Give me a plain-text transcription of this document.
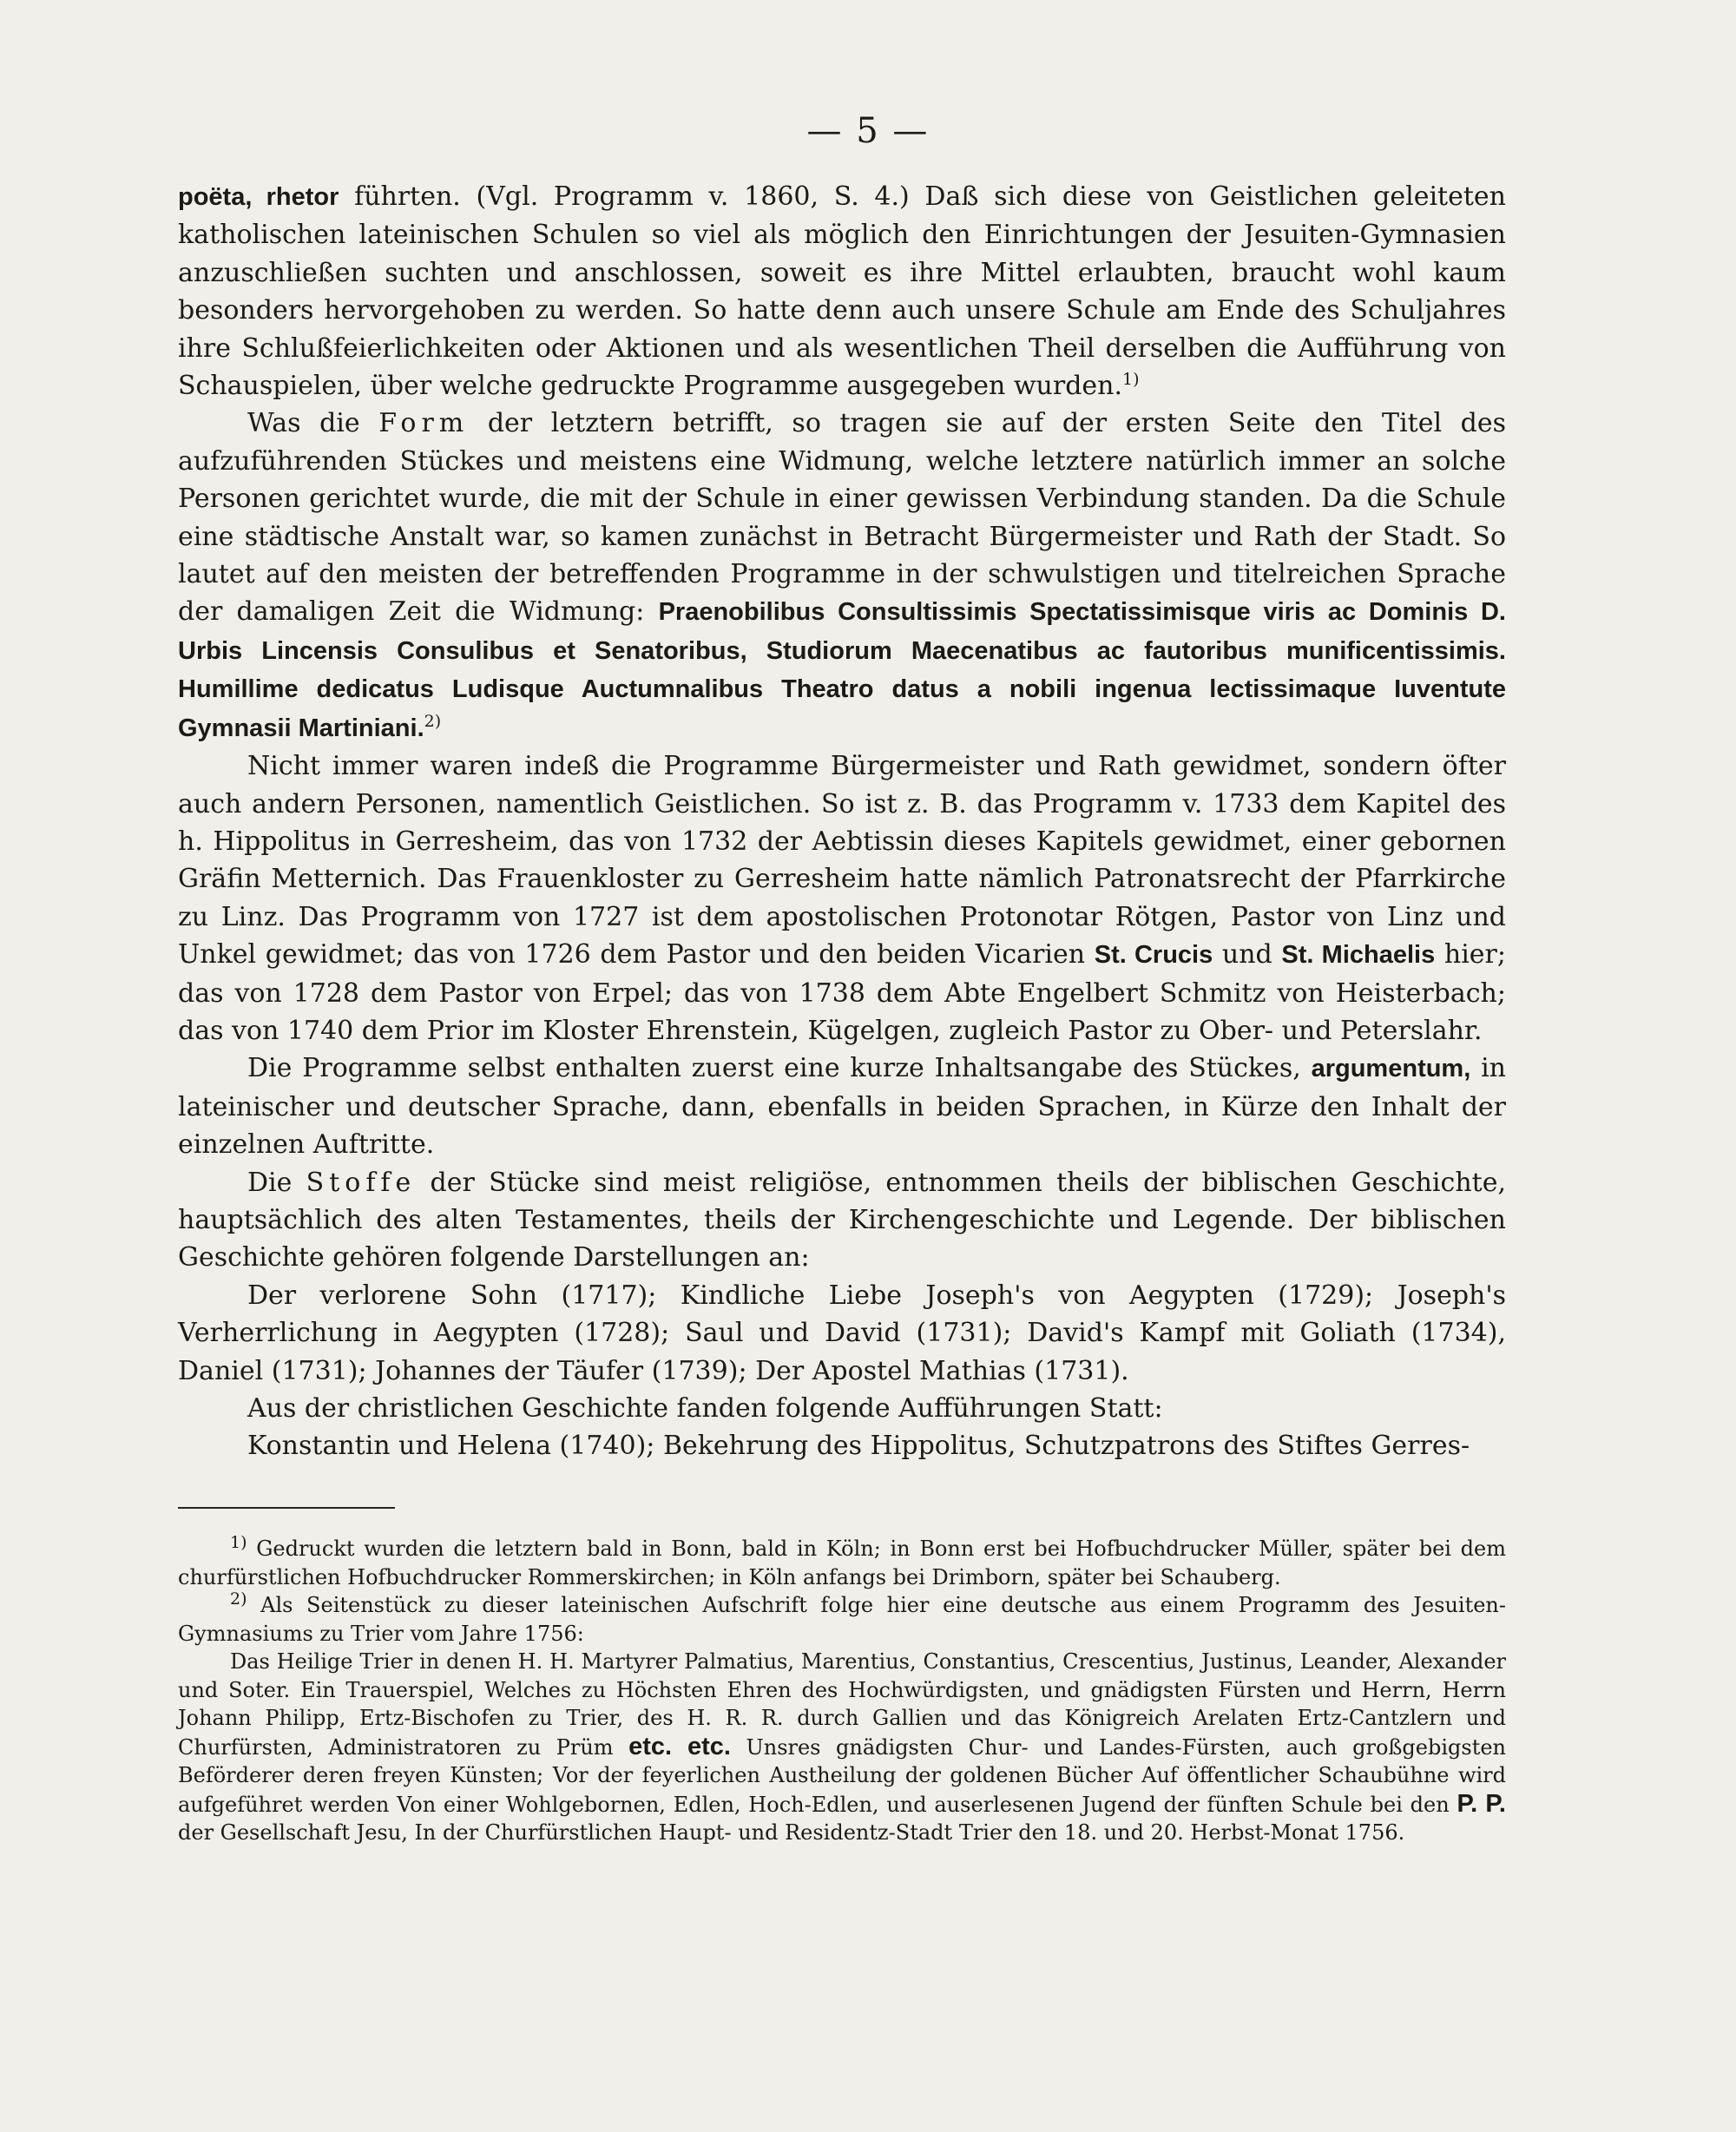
— 5 —

poëta, rhetor führten. (Vgl. Programm v. 1860, S. 4.) Daß sich diese von Geistlichen geleiteten katholischen lateinischen Schulen so viel als möglich den Einrichtungen der Jesuiten-Gymnasien anzuschließen suchten und anschlossen, soweit es ihre Mittel erlaubten, braucht wohl kaum besonders hervorgehoben zu werden. So hatte denn auch unsere Schule am Ende des Schuljahres ihre Schlußfeierlichkeiten oder Aktionen und als wesentlichen Theil derselben die Aufführung von Schauspielen, über welche gedruckte Programme ausgegeben wurden.$^{1)}$

Was die Form der letztern betrifft, so tragen sie auf der ersten Seite den Titel des aufzuführenden Stückes und meistens eine Widmung, welche letztere natürlich immer an solche Personen gerichtet wurde, die mit der Schule in einer gewissen Verbindung standen. Da die Schule eine städtische Anstalt war, so kamen zunächst in Betracht Bürgermeister und Rath der Stadt. So lautet auf den meisten der betreffenden Programme in der schwulstigen und titelreichen Sprache der damaligen Zeit die Widmung: Praenobilibus Consultissimis Spectatissimisque viris ac Dominis D. Urbis Lincensis Consulibus et Senatoribus, Studiorum Maecenatibus ac fautoribus munificentissimis. Humillime dedicatus Ludisque Auctumnalibus Theatro datus a nobili ingenua lectissimaque Iuventute Gymnasii Martiniani.$^{2)}$

Nicht immer waren indeß die Programme Bürgermeister und Rath gewidmet, sondern öfter auch andern Personen, namentlich Geistlichen. So ist z. B. das Programm v. 1733 dem Kapitel des h. Hippolitus in Gerresheim, das von 1732 der Aebtissin dieses Kapitels gewidmet, einer gebornen Gräfin Metternich. Das Frauenkloster zu Gerresheim hatte nämlich Patronatsrecht der Pfarrkirche zu Linz. Das Programm von 1727 ist dem apostolischen Protonotar Rötgen, Pastor von Linz und Unkel gewidmet; das von 1726 dem Pastor und den beiden Vicarien St. Crucis und St. Michaelis hier; das von 1728 dem Pastor von Erpel; das von 1738 dem Abte Engelbert Schmitz von Heisterbach; das von 1740 dem Prior im Kloster Ehrenstein, Kügelgen, zugleich Pastor zu Ober- und Peterslahr.

Die Programme selbst enthalten zuerst eine kurze Inhaltsangabe des Stückes, argumentum, in lateinischer und deutscher Sprache, dann, ebenfalls in beiden Sprachen, in Kürze den Inhalt der einzelnen Auftritte.

Die Stoffe der Stücke sind meist religiöse, entnommen theils der biblischen Geschichte, hauptsächlich des alten Testamentes, theils der Kirchengeschichte und Legende. Der biblischen Geschichte gehören folgende Darstellungen an:

Der verlorene Sohn (1717); Kindliche Liebe Joseph's von Aegypten (1729); Joseph's Verherrlichung in Aegypten (1728); Saul und David (1731); David's Kampf mit Goliath (1734), Daniel (1731); Johannes der Täufer (1739); Der Apostel Mathias (1731).

Aus der christlichen Geschichte fanden folgende Aufführungen Statt:

Konstantin und Helena (1740); Bekehrung des Hippolitus, Schutzpatrons des Stiftes Gerres-

$^{1)}$ Gedruckt wurden die letztern bald in Bonn, bald in Köln; in Bonn erst bei Hofbuchdrucker Müller, später bei dem churfürstlichen Hofbuchdrucker Rommerskirchen; in Köln anfangs bei Drimborn, später bei Schauberg.

$^{2)}$ Als Seitenstück zu dieser lateinischen Aufschrift folge hier eine deutsche aus einem Programm des Jesuiten-Gymnasiums zu Trier vom Jahre 1756:

Das Heilige Trier in denen H. H. Martyrer Palmatius, Marentius, Constantius, Crescentius, Justinus, Leander, Alexander und Soter. Ein Trauerspiel, Welches zu Höchsten Ehren des Hochwürdigsten, und gnädigsten Fürsten und Herrn, Herrn Johann Philipp, Ertz-Bischofen zu Trier, des H. R. R. durch Gallien und das Königreich Arelaten Ertz-Cantzlern und Churfürsten, Administratoren zu Prüm etc. etc. Unsres gnädigsten Chur- und Landes-Fürsten, auch großgebigsten Beförderer deren freyen Künsten; Vor der feyerlichen Austheilung der goldenen Bücher Auf öffentlicher Schaubühne wird aufgeführet werden Von einer Wohlgebornen, Edlen, Hoch-Edlen, und auserlesenen Jugend der fünften Schule bei den P. P. der Gesellschaft Jesu, In der Churfürstlichen Haupt- und Residentz-Stadt Trier den 18. und 20. Herbst-Monat 1756.
